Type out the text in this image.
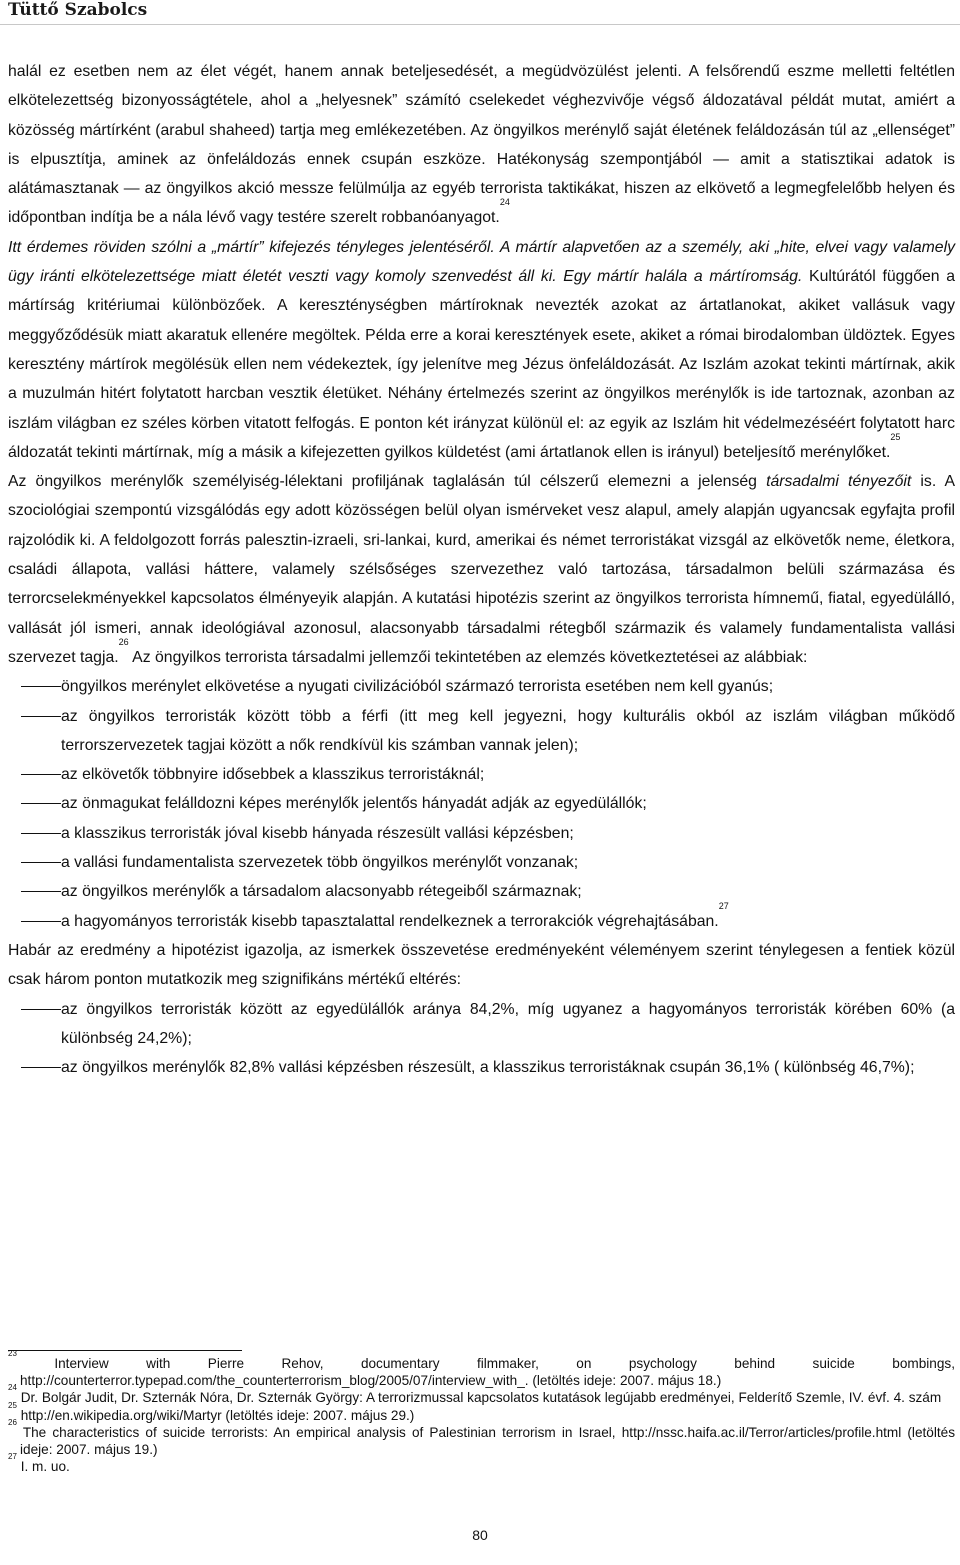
Tüttő Szabolcs

halál ez esetben nem az élet végét, hanem annak beteljesedését, a megüdvözülést jelenti. A felsőrendű eszme melletti feltétlen elkötelezettség bizonyosságtétele, ahol a „helyesnek” számító cselekedet véghezvivője végső áldozatával példát mutat, amiért a közösség mártírként (arabul shaheed) tartja meg emlékezetében. Az öngyilkos merénylő saját életének feláldozásán túl az „ellenséget” is elpusztítja, aminek az önfeláldozás ennek csupán eszköze. Hatékonyság szempontjából — amit a statisztikai adatok is alátámasztanak — az öngyilkos akció messze felülmúlja az egyéb terrorista taktikákat, hiszen az elkövető a legmegfelelőbb helyen és időpontban indítja be a nála lévő vagy testére szerelt robbanóanyagot.$^{24}$

Itt érdemes röviden szólni a „mártír” kifejezés tényleges jelentéséről. A mártír alapvetően az a személy, aki „hite, elvei vagy valamely ügy iránti elkötelezettsége miatt életét veszti vagy komoly szenvedést áll ki. Egy mártír halála a mártíromság. Kultúrától függően a mártírság kritériumai különbözőek. A kereszténységben mártíroknak nevezték azokat az ártatlanokat, akiket vallásuk vagy meggyőződésük miatt akaratuk ellenére megöltek. Példa erre a korai keresztények esete, akiket a római birodalomban üldöztek. Egyes keresztény mártírok megölésük ellen nem védekeztek, így jelenítve meg Jézus önfeláldozását. Az Iszlám azokat tekinti mártírnak, akik a muzulmán hitért folytatott harcban vesztik életüket. Néhány értelmezés szerint az öngyilkos merénylők is ide tartoznak, azonban az iszlám világban ez széles körben vitatott felfogás. E ponton két irányzat különül el: az egyik az Iszlám hit védelmezéséért folytatott harc áldozatát tekinti mártírnak, míg a másik a kifejezetten gyilkos küldetést (ami ártatlanok ellen is irányul) beteljesítő merénylőket.$^{25}$

Az öngyilkos merénylők személyiség-lélektani profiljának taglalásán túl célszerű elemezni a jelenség társadalmi tényezőit is. A szociológiai szempontú vizsgálódás egy adott közösségen belül olyan ismérveket vesz alapul, amely alapján ugyancsak egyfajta profil rajzolódik ki. A feldolgozott forrás palesztin-izraeli, sri-lankai, kurd, amerikai és német terroristákat vizsgál az elkövetők neme, életkora, családi állapota, vallási háttere, valamely szélsőséges szervezethez való tartozása, társadalmon belüli származása és terrorcselekményekkel kapcsolatos élményeyik alapján. A kutatási hipotézis szerint az öngyilkos terrorista hímnemű, fiatal, egyedülálló, vallását jól ismeri, annak ideológiával azonosul, alacsonyabb társadalmi rétegből származik és valamely fundamentalista vallási szervezet tagja.$^{26}$ Az öngyilkos terrorista társadalmi jellemzői tekintetében az elemzés következtetései az alábbiak:

öngyilkos merénylet elkövetése a nyugati civilizációból származó terrorista esetében nem kell gyanús;
az öngyilkos terroristák között több a férfi (itt meg kell jegyezni, hogy kulturális okból az iszlám világban működő terrorszervezetek tagjai között a nők rendkívül kis számban vannak jelen);
az elkövetők többnyire idősebbek a klasszikus terroristáknál;
az önmagukat felálldozni képes merénylők jelentős hányadát adják az egyedülállók;
a klasszikus terroristák jóval kisebb hányada részesült vallási képzésben;
a vallási fundamentalista szervezetek több öngyilkos merénylőt vonzanak;
az öngyilkos merénylők a társadalom alacsonyabb rétegeiből származnak;
a hagyományos terroristák kisebb tapasztalattal rendelkeznek a terrorakciók végrehajtásában.$^{27}$

Habár az eredmény a hipotézist igazolja, az ismerkek összevetése eredményeként véleményem szerint ténylegesen a fentiek közül csak három ponton mutatkozik meg szignifikáns mértékű eltérés:

az öngyilkos terroristák között az egyedülállók aránya 84,2%, míg ugyanez a hagyományos terroristák körében 60% (a különbség 24,2%);
az öngyilkos merénylők 82,8% vallási képzésben részesült, a klasszikus terroristáknak csupán 36,1% ( különbség 46,7%);

$^{23}$ Interview with Pierre Rehov, documentary filmmaker, on psychology behind suicide bombings, http://counterterror.typepad.com/the_counterterrorism_blog/2005/07/interview_with_. (letöltés ideje: 2007. május 18.)

$^{24}$ Dr. Bolgár Judit, Dr. Szternák Nóra, Dr. Szternák György: A terrorizmussal kapcsolatos kutatások legújabb eredményei, Felderítő Szemle, IV. évf. 4. szám

$^{25}$ http://en.wikipedia.org/wiki/Martyr (letöltés ideje: 2007. május 29.)

$^{26}$ The characteristics of suicide terrorists: An empirical analysis of Palestinian terrorism in Israel, http://nssc.haifa.ac.il/Terror/articles/profile.html (letöltés ideje: 2007. május 19.)

$^{27}$ I. m. uo.

80
